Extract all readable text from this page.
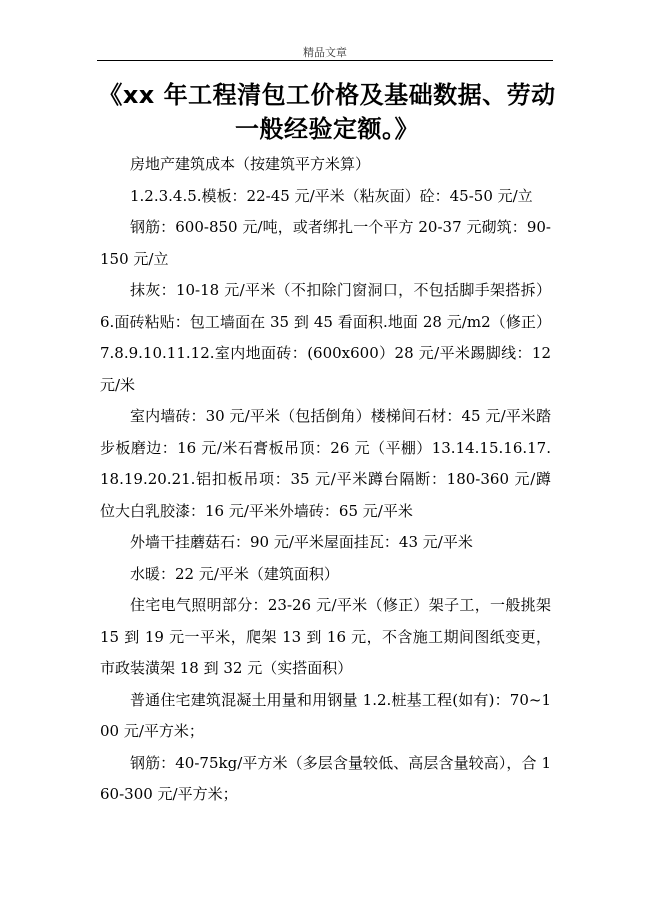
精品文章
《xx 年工程清包工价格及基础数据、劳动一般经验定额。》

房地产建筑成本（按建筑平方米算）

1.2.3.4.5.模板：22-45 元/平米（粘灰面）砼：45-50 元/立

钢筋：600-850 元/吨，或者绑扎一个平方 20-37 元砌筑：90-150 元/立

抹灰：10-18 元/平米（不扣除门窗洞口，不包括脚手架搭拆）6.面砖粘贴：包工墙面在 35 到 45 看面积.地面 28 元/m2（修正）7.8.9.10.11.12.室内地面砖：(600x600）28 元/平米踢脚线：12 元/米

室内墙砖：30 元/平米（包括倒角）楼梯间石材：45 元/平米踏步板磨边：16 元/米石膏板吊顶：26 元（平棚）13.14.15.16.17.18.19.20.21.铝扣板吊项：35 元/平米蹲台隔断：180-360 元/蹲位大白乳胶漆：16 元/平米外墙砖：65 元/平米

外墙干挂蘑菇石：90 元/平米屋面挂瓦：43 元/平米

水暖：22 元/平米（建筑面积）

住宅电气照明部分：23-26 元/平米（修正）架子工，一般挑架 15 到 19 元一平米，爬架 13 到 16 元，不含施工期间图纸变更，市政装潢架 18 到 32 元（实搭面积）

普通住宅建筑混凝土用量和用钢量 1.2.桩基工程(如有)：70~100 元/平方米；

钢筋：40-75kg/平方米（多层含量较低、高层含量较高），合 160-300 元/平方米；
